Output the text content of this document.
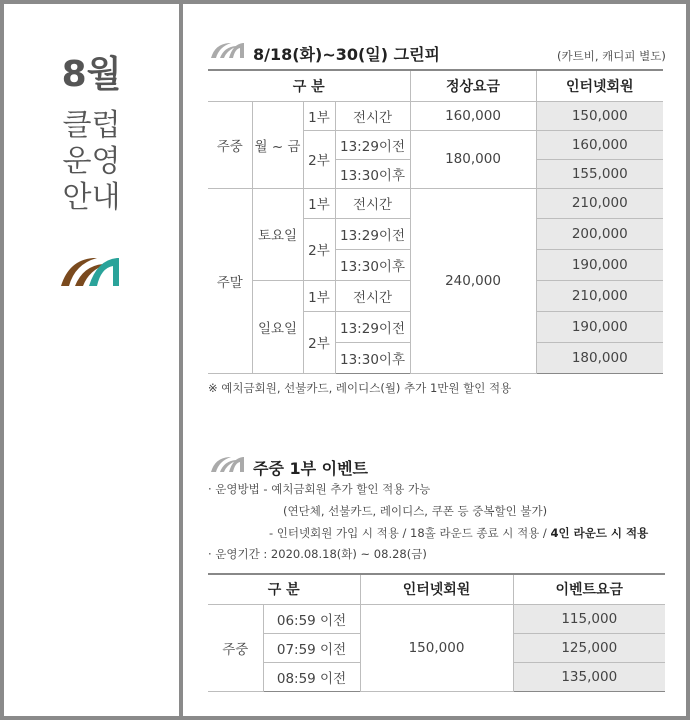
8월
클럽
운영
안내
8/18(화)~30(일) 그린피	(카트비, 캐디피 별도)
구 분				정상요금	인터넷회원
주중	월 ~ 금	1부	전시간	160,000	150,000
		2부	13:29이전	180,000	160,000
			13:30이후		155,000
주말	토요일	1부	전시간	240,000	210,000
		2부	13:29이전		200,000
			13:30이후		190,000
	일요일	1부	전시간		210,000
		2부	13:29이전		190,000
			13:30이후		180,000
※ 예치금회원, 선불카드, 레이디스(월) 추가 1만원 할인 적용
주중 1부 이벤트
· 운영방법 - 예치금회원 추가 할인 적용 가능
(연단체, 선불카드, 레이디스, 쿠폰 등 중복할인 불가)
- 인터넷회원 가입 시 적용 / 18홀 라운드 종료 시 적용 / 4인 라운드 시 적용
· 운영기간 : 2020.08.18(화) ~ 08.28(금)
구 분		인터넷회원	이벤트요금
주중	06:59 이전	150,000	115,000
	07:59 이전		125,000
	08:59 이전		135,000
